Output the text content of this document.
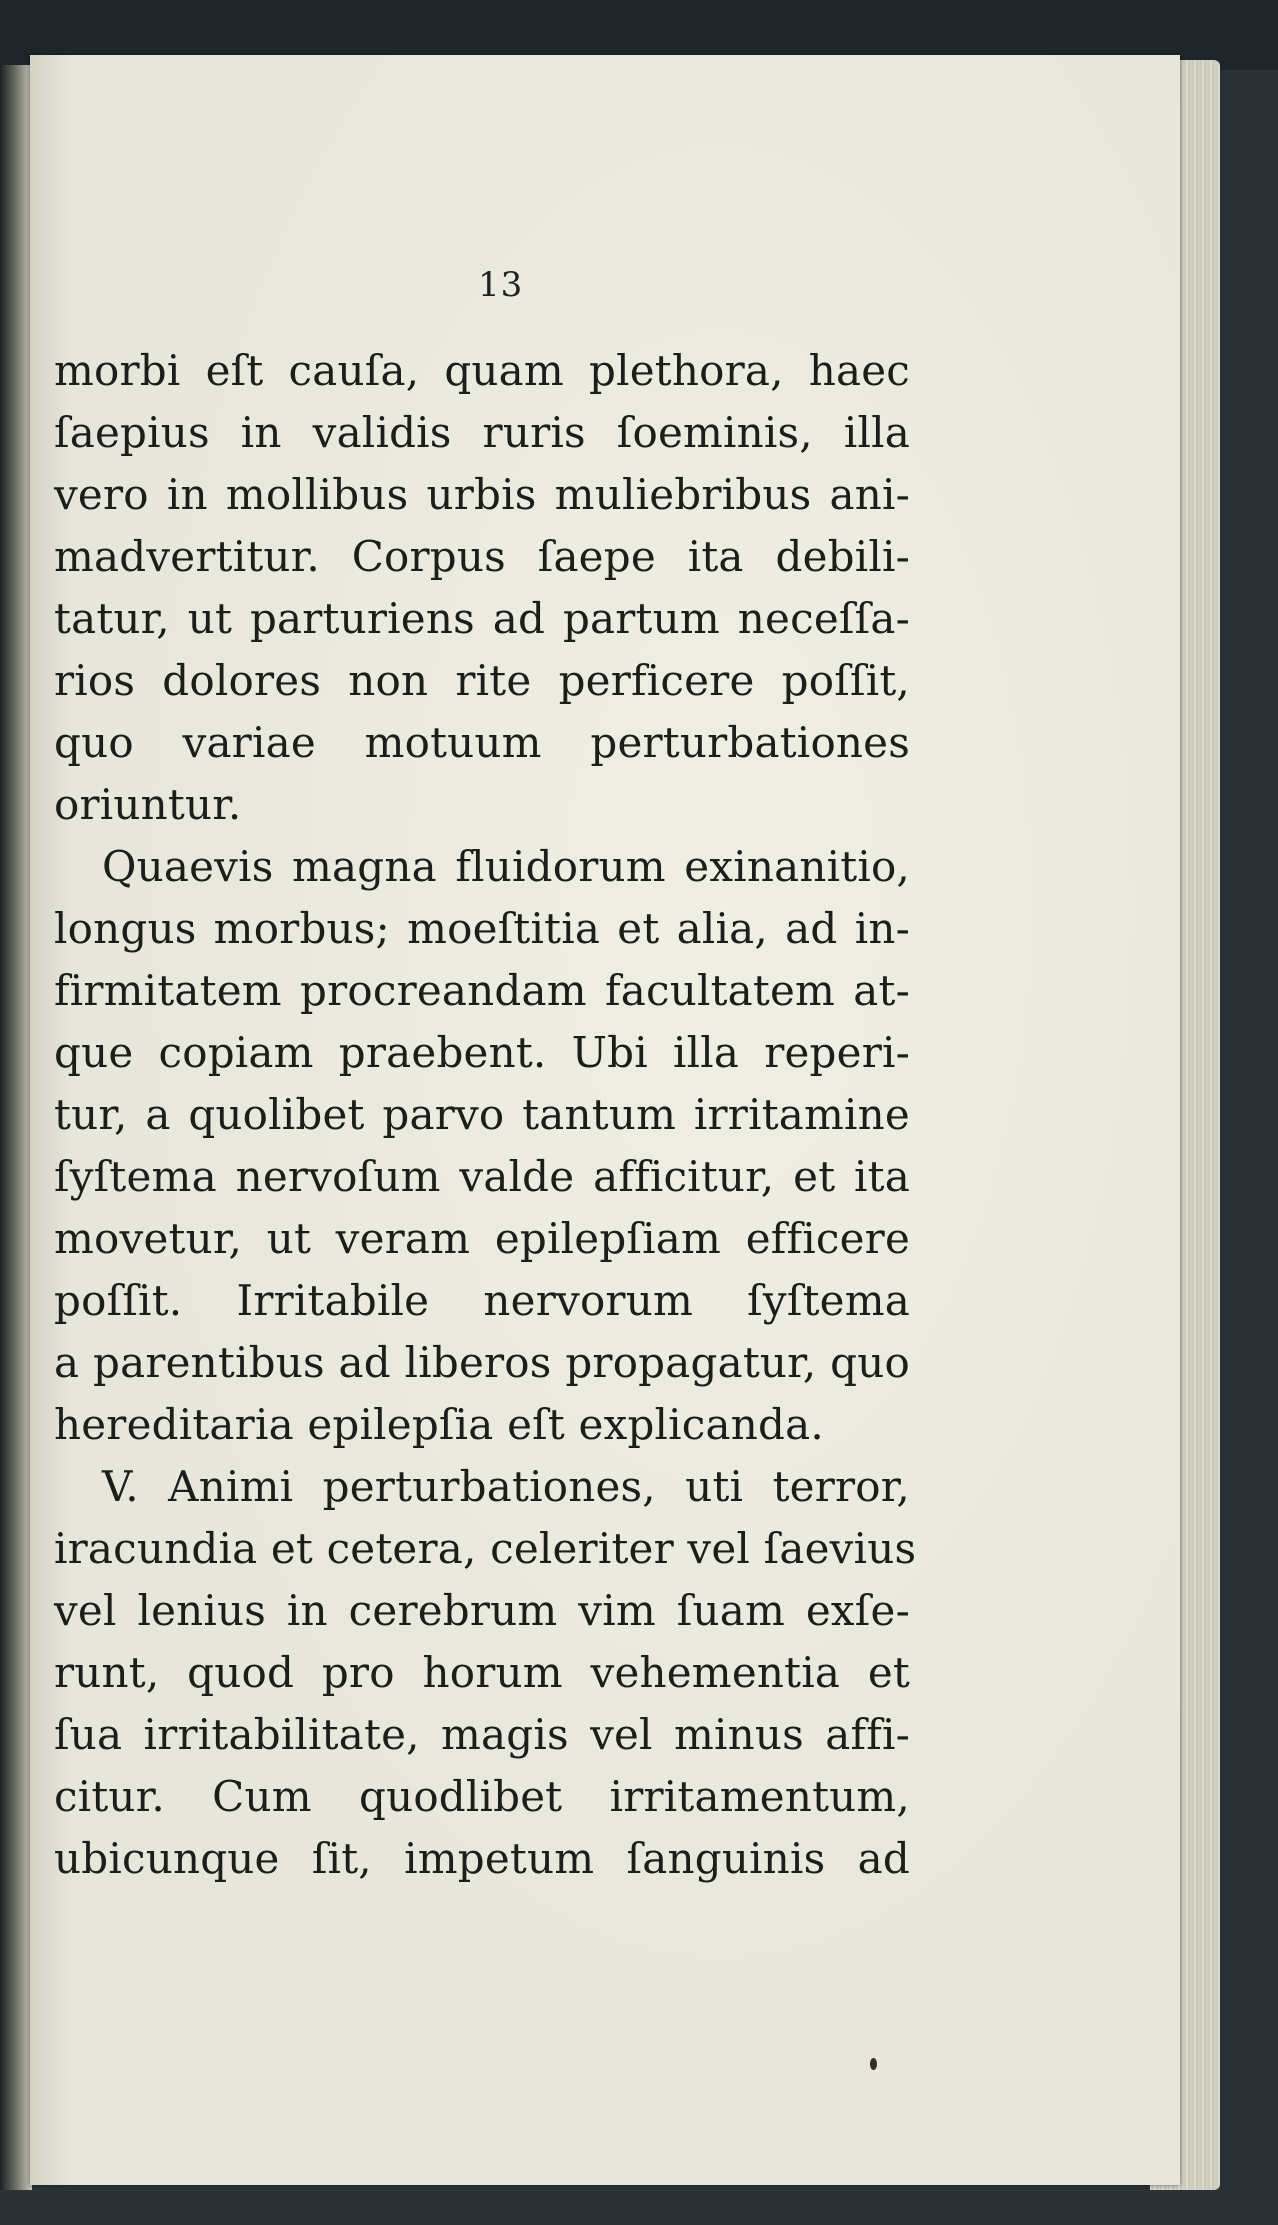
13
morbi eſt cauſa, quam plethora, haec
ſaepius in validis ruris ſoeminis, illa
vero in mollibus urbis muliebribus ani-
madvertitur. Corpus ſaepe ita debili-
tatur, ut parturiens ad partum neceſſa-
rios dolores non rite perficere poſſit,
quo variae motuum perturbationes
oriuntur.
Quaevis magna fluidorum exinanitio,
longus morbus; moeſtitia et alia, ad in-
firmitatem procreandam facultatem at-
que copiam praebent. Ubi illa reperi-
tur, a quolibet parvo tantum irritamine
ſyſtema nervoſum valde afficitur, et ita
movetur, ut veram epilepſiam efficere
poſſit. Irritabile nervorum ſyſtema
a parentibus ad liberos propagatur, quo
hereditaria epilepſia eſt explicanda.
V. Animi perturbationes, uti terror,
iracundia et cetera, celeriter vel ſaevius
vel lenius in cerebrum vim ſuam exſe-
runt, quod pro horum vehementia et
ſua irritabilitate, magis vel minus affi-
citur. Cum quodlibet irritamentum,
ubicunque ſit, impetum ſanguinis ad
